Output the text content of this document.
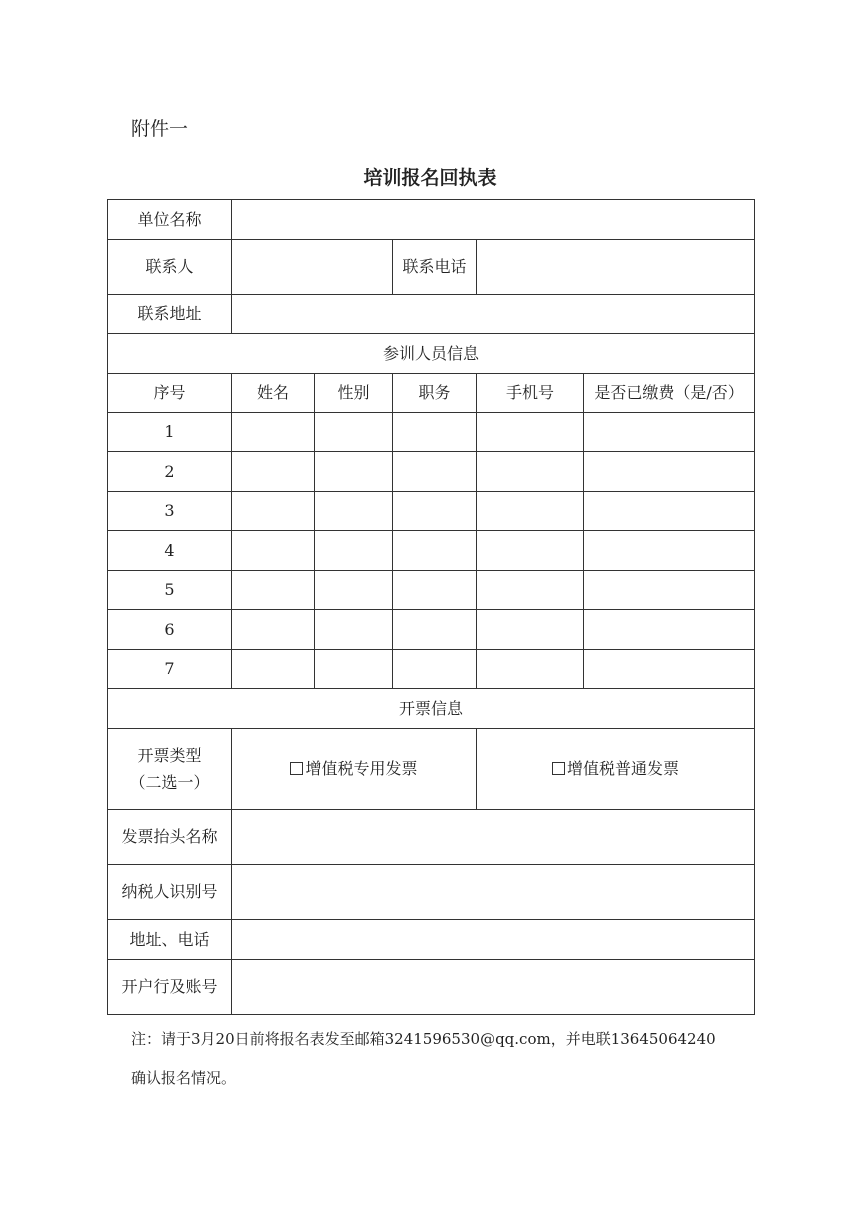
附件一
培训报名回执表
单位名称					
联系人			联系电话		
联系地址					
参训人员信息					
序号	姓名	性别	职务	手机号	是否已缴费（是/否）
1					
2					
3					
4					
5					
6					
7					
开票信息					

开票类型
（二选一）	增值税专用发票			增值税普通发票	

发票抬头名称					
纳税人识别号					
地址、电话					
开户行及账号					
注：请于3月20日前将报名表发至邮箱3241596530@qq.com，并电联13645064240
确认报名情况。
